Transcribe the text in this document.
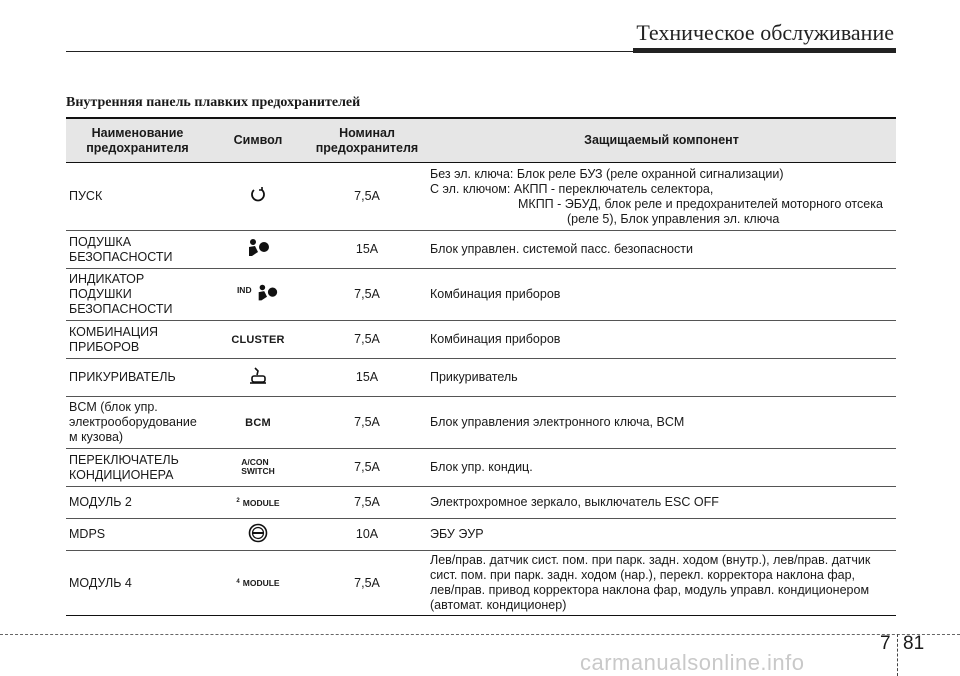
Техническое обслуживание
Внутренняя панель плавких предохранителей
Наименование предохранителя	Символ	Номинал предохранителя	Защищаемый компонент
ПУСК		7,5А	Без эл. ключа: Блок реле БУЗ (реле охранной сигнализации)
С эл. ключом: АКПП - переключатель селектора,
МКПП - ЭБУД, блок реле и предохранителей моторного отсека
(реле 5), Блок управления эл. ключа

ПОДУШКА
БЕЗОПАСНОСТИ		15А	Блок управлен. системой пасс. безопасности

ИНДИКАТОР
ПОДУШКИ
БЕЗОПАСНОСТИ	$^{IND}$	7,5А	Комбинация приборов

КОМБИНАЦИЯ
ПРИБОРОВ	CLUSTER	7,5А	Комбинация приборов
ПРИКУРИВАТЕЛЬ		15А	Прикуриватель

BCM (блок упр.
электрооборудование
м кузова)	BCM	7,5А	Блок управления электронного ключа, BCM

ПЕРЕКЛЮЧАТЕЛЬ
КОНДИЦИОНЕРА	A/CON
SWITCH	7,5А	Блок упр. кондиц.
МОДУЛЬ 2	$^2$ MODULE	7,5А	Электрохромное зеркало, выключатель ESC OFF
MDPS		10А	ЭБУ ЭУР
МОДУЛЬ 4	$^4$ MODULE	7,5А	Лев/прав. датчик сист. пом. при парк. задн. ходом (внутр.), лев/прав. датчик
сист. пом. при парк. задн. ходом (нар.), перекл. корректора наклона фар,
лев/прав. привод корректора наклона фар, модуль управл. кондиционером
(автомат. кондиционер)
7 81
carmanualsonline.info
